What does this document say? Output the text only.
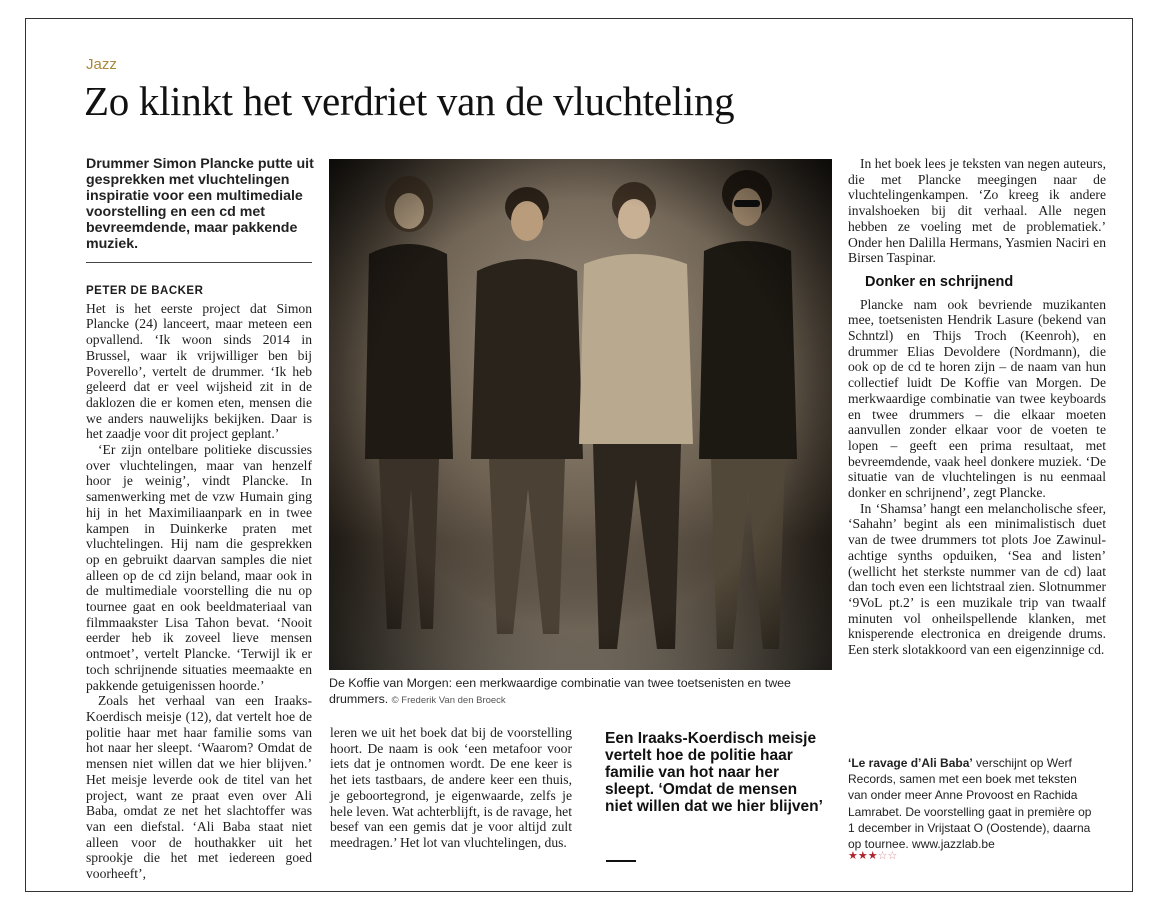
Jazz
Zo klinkt het verdriet van de vluchteling
Drummer Simon Plancke putte uit gesprekken met vluchtelingen inspiratie voor een multimediale voorstelling en een cd met bevreemdende, maar pakkende muziek.
PETER DE BACKER

Het is het eerste project dat Simon Plancke (24) lanceert, maar meteen een opvallend. ‘Ik woon sinds 2014 in Brussel, waar ik vrijwilliger ben bij Poverello’, vertelt de drummer. ‘Ik heb geleerd dat er veel wijsheid zit in de daklozen die er komen eten, mensen die we anders nauwelijks bekijken. Daar is het zaadje voor dit project geplant.’

‘Er zijn ontelbare politieke discussies over vluchtelingen, maar van henzelf hoor je weinig’, vindt Plancke. In samenwerking met de vzw Humain ging hij in het Maximiliaanpark en in twee kampen in Duinkerke praten met vluchtelingen. Hij nam die gesprekken op en gebruikt daarvan samples die niet alleen op de cd zijn beland, maar ook in de multimediale voorstelling die nu op tournee gaat en ook beeldmateriaal van filmmaakster Lisa Tahon bevat. ‘Nooit eerder heb ik zoveel lieve mensen ontmoet’, vertelt Plancke. ‘Terwijl ik er toch schrijnende situaties meemaakte en pakkende getuigenissen hoorde.’

Zoals het verhaal van een Iraaks-Koerdisch meisje (12), dat vertelt hoe de politie haar met haar familie soms van hot naar her sleept. ‘Waarom? Omdat de mensen niet willen dat we hier blijven.’ Het meisje leverde ook de titel van het project, want ze praat even over Ali Baba, omdat ze net het slachtoffer was van een diefstal. ‘Ali Baba staat niet alleen voor de houthakker uit het sprookje die het met iedereen goed voorheeft’,

De Koffie van Morgen: een merkwaardige combinatie van twee toetsenisten en twee drummers. © Frederik Van den Broeck

leren we uit het boek dat bij de voorstelling hoort. De naam is ook ‘een metafoor voor iets dat je ontnomen wordt. De ene keer is het iets tastbaars, de andere keer een thuis, je geboortegrond, je eigenwaarde, zelfs je hele leven. Wat achterblijft, is de ravage, het besef van een gemis dat je voor altijd zult meedragen.’ Het lot van vluchtelingen, dus.

Een Iraaks-Koerdisch meisje vertelt hoe de politie haar familie van hot naar her sleept. ‘Omdat de mensen niet willen dat we hier blijven’

In het boek lees je teksten van negen auteurs, die met Plancke meegingen naar de vluchtelingenkampen. ‘Zo kreeg ik andere invalshoeken bij dit verhaal. Alle negen hebben ze voeling met de problematiek.’ Onder hen Dalilla Hermans, Yasmien Naciri en Birsen Taspinar.

Donker en schrijnend

Plancke nam ook bevriende muzikanten mee, toetsenisten Hendrik Lasure (bekend van Schntzl) en Thijs Troch (Keenroh), en drummer Elias Devoldere (Nordmann), die ook op de cd te horen zijn – de naam van hun collectief luidt De Koffie van Morgen. De merkwaardige combinatie van twee keyboards en twee drummers – die elkaar moeten aanvullen zonder elkaar voor de voeten te lopen – geeft een prima resultaat, met bevreemdende, vaak heel donkere muziek. ‘De situatie van de vluchtelingen is nu eenmaal donker en schrijnend’, zegt Plancke.

In ‘Shamsa’ hangt een melancholische sfeer, ‘Sahahn’ begint als een minimalistisch duet van de twee drummers tot plots Joe Zawinul-achtige synths opduiken, ‘Sea and listen’ (wellicht het sterkste nummer van de cd) laat dan toch even een lichtstraal zien. Slotnummer ‘9VoL pt.2’ is een muzikale trip van twaalf minuten vol onheilspellende klanken, met knisperende electronica en dreigende drums. Een sterk slotakkoord van een eigenzinnige cd.

‘Le ravage d’Ali Baba’ verschijnt op Werf Records, samen met een boek met teksten van onder meer Anne Provoost en Rachida Lamrabet. De voorstelling gaat in première op 1 december in Vrijstaat O (Oostende), daarna op tournee. www.jazzlab.be
★★★☆☆
